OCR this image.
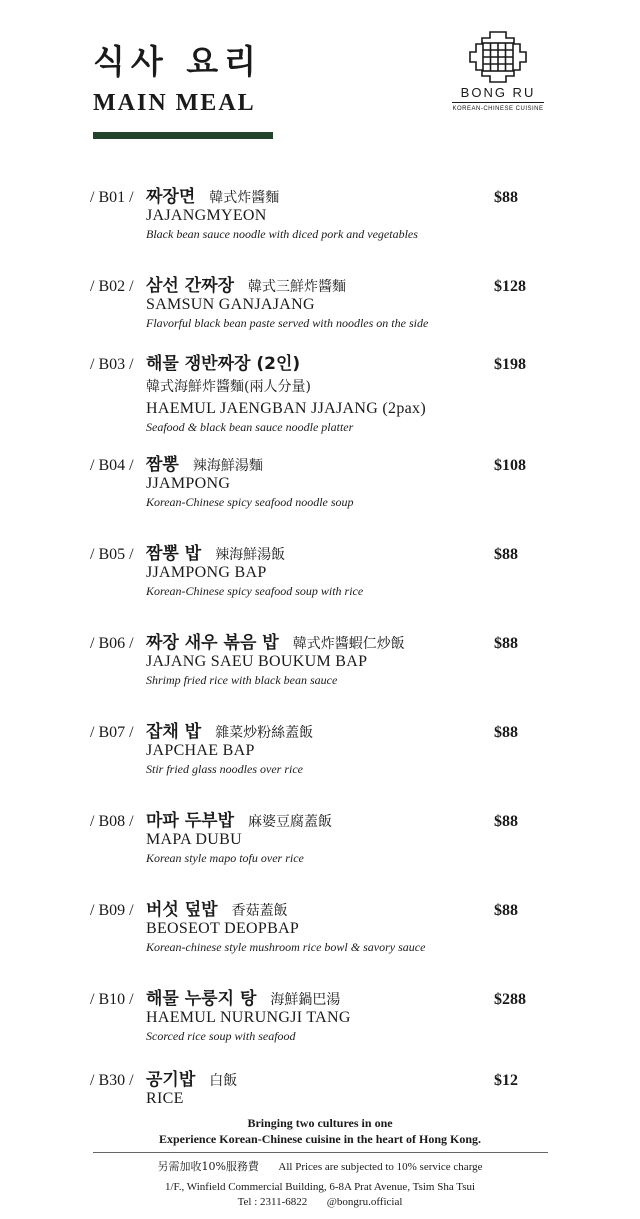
식사 요리
MAIN MEAL	BONG RU
KOREAN-CHINESE CUISINE
/ B01 / 짜장면 韓式炸醬麵
JAJANGMYEON
Black bean sauce noodle with diced pork and vegetables
$88
/ B02 / 삼선 간짜장 韓式三鮮炸醬麵
SAMSUN GANJAJANG
Flavorful black bean paste served with noodles on the side
$128
/ B03 / 해물 쟁반짜장 (2인)
韓式海鮮炸醬麵(兩人分量)
HAEMUL JAENGBAN JJAJANG (2pax)
Seafood & black bean sauce noodle platter
$198
/ B04 / 짬뽕 辣海鮮湯麵
JJAMPONG
Korean-Chinese spicy seafood noodle soup
$108
/ B05 / 짬뽕 밥 辣海鮮湯飯
JJAMPONG BAP
Korean-Chinese spicy seafood soup with rice
$88
/ B06 / 짜장 새우 볶음 밥 韓式炸醬蝦仁炒飯
JAJANG SAEU BOUKUM BAP
Shrimp fried rice with black bean sauce
$88
/ B07 / 잡채 밥 雜菜炒粉絲蓋飯
JAPCHAE BAP
Stir fried glass noodles over rice
$88
/ B08 / 마파 두부밥 麻婆豆腐蓋飯
MAPA DUBU
Korean style mapo tofu over rice
$88
/ B09 / 버섯 덮밥 香菇蓋飯
BEOSEOT DEOPBAP
Korean-chinese style mushroom rice bowl & savory sauce
$88
/ B10 / 해물 누룽지 탕 海鮮鍋巴湯
HAEMUL NURUNGJI TANG
Scorced rice soup with seafood
$288
/ B30 / 공기밥 白飯
RICE
$12
Bringing two cultures in one
Experience Korean-Chinese cuisine in the heart of Hong Kong.
另需加收10%服務費 All Prices are subjected to 10% service charge
1/F., Winfield Commercial Building, 6-8A Prat Avenue, Tsim Sha Tsui
Tel : 2311-6822 @bongru.official
